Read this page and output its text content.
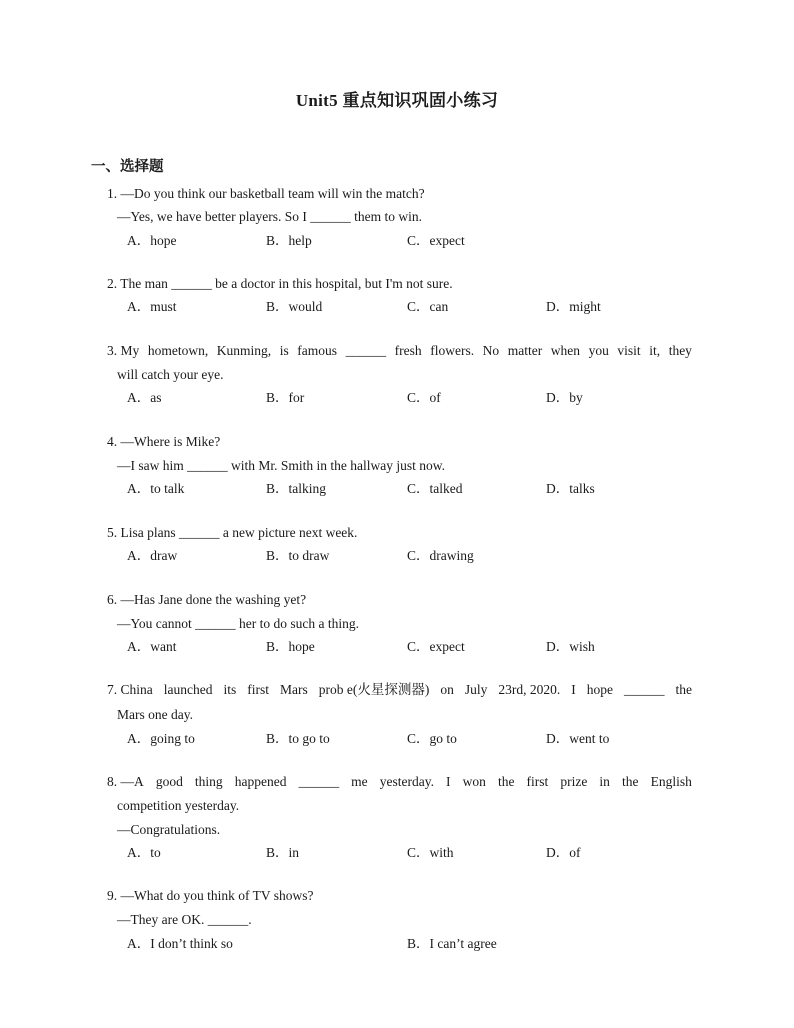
Unit5 重点知识巩固小练习
一、选择题
1. —Do you think our basketball team will win the match?
—Yes, we have better players. So I ______ them to win.
A．hope	B．help	C．expect
2. The man ______ be a doctor in this hospital, but I'm not sure.
A．must	B．would	C．can	D．might
3. My hometown, Kunming, is famous ______ fresh flowers. No matter when you visit it, they
will catch your eye.
A．as	B．for	C．of	D．by
4. —Where is Mike?
—I saw him ______ with Mr. Smith in the hallway just now.
A．to talk	B．talking	C．talked	D．talks
5. Lisa plans ______ a new picture next week.
A．draw	B．to draw	C．drawing
6. —Has Jane done the washing yet?
—You cannot ______ her to do such a thing.
A．want	B．hope	C．expect	D．wish
7. China launched its first Mars prob e(火星探测器) on July 23rd, 2020. I hope ______ the
Mars one day.
A．going to	B．to go to	C．go to	D．went to
8. —A good thing happened ______ me yesterday. I won the first prize in the English
competition yesterday.
—Congratulations.
A．to	B．in	C．with	D．of
9. —What do you think of TV shows?
—They are OK. ______.
A．I don’t think so	B．I can’t agree
